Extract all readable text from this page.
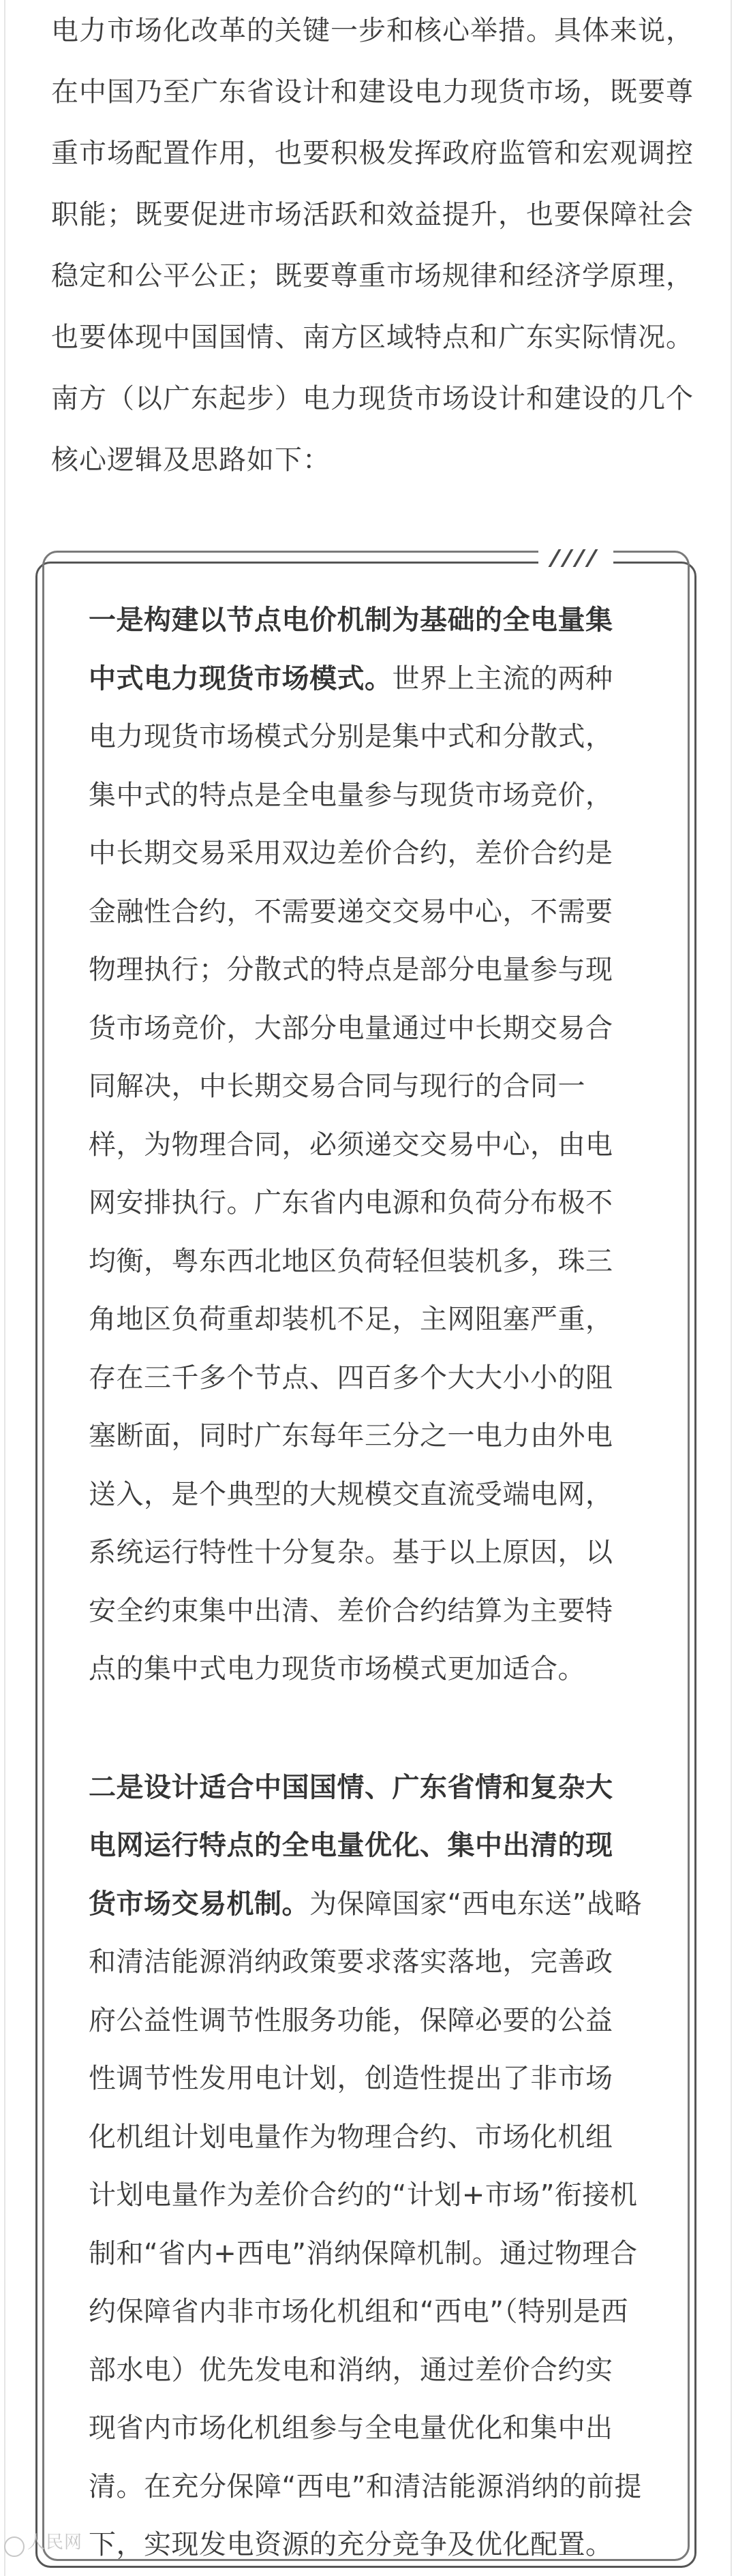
电力市场化改革的关键一步和核心举措。具体来说，
在中国乃至广东省设计和建设电力现货市场，既要尊
重市场配置作用，也要积极发挥政府监管和宏观调控
职能；既要促进市场活跃和效益提升，也要保障社会
稳定和公平公正；既要尊重市场规律和经济学原理，
也要体现中国国情、南方区域特点和广东实际情况。
南方（以广东起步）电力现货市场设计和建设的几个
核心逻辑及思路如下：
一是构建以节点电价机制为基础的全电量集
中式电力现货市场模式。世界上主流的两种
电力现货市场模式分别是集中式和分散式，
集中式的特点是全电量参与现货市场竞价，
中长期交易采用双边差价合约，差价合约是
金融性合约，不需要递交交易中心，不需要
物理执行；分散式的特点是部分电量参与现
货市场竞价，大部分电量通过中长期交易合
同解决，中长期交易合同与现行的合同一
样，为物理合同，必须递交交易中心，由电
网安排执行。广东省内电源和负荷分布极不
均衡，粤东西北地区负荷轻但装机多，珠三
角地区负荷重却装机不足，主网阻塞严重，
存在三千多个节点、四百多个大大小小的阻
塞断面，同时广东每年三分之一电力由外电
送入，是个典型的大规模交直流受端电网，
系统运行特性十分复杂。基于以上原因，以
安全约束集中出清、差价合约结算为主要特
点的集中式电力现货市场模式更加适合。
二是设计适合中国国情、广东省情和复杂大
电网运行特点的全电量优化、集中出清的现
货市场交易机制。为保障国家“西电东送”战略
和清洁能源消纳政策要求落实落地，完善政
府公益性调节性服务功能，保障必要的公益
性调节性发用电计划，创造性提出了非市场
化机组计划电量作为物理合约、市场化机组
计划电量作为差价合约的“计划+市场”衔接机
制和“省内+西电”消纳保障机制。通过物理合
约保障省内非市场化机组和“西电”（特别是西
部水电）优先发电和消纳，通过差价合约实
现省内市场化机组参与全电量优化和集中出
清。在充分保障“西电”和清洁能源消纳的前提
下，实现发电资源的充分竞争及优化配置。
人民网
